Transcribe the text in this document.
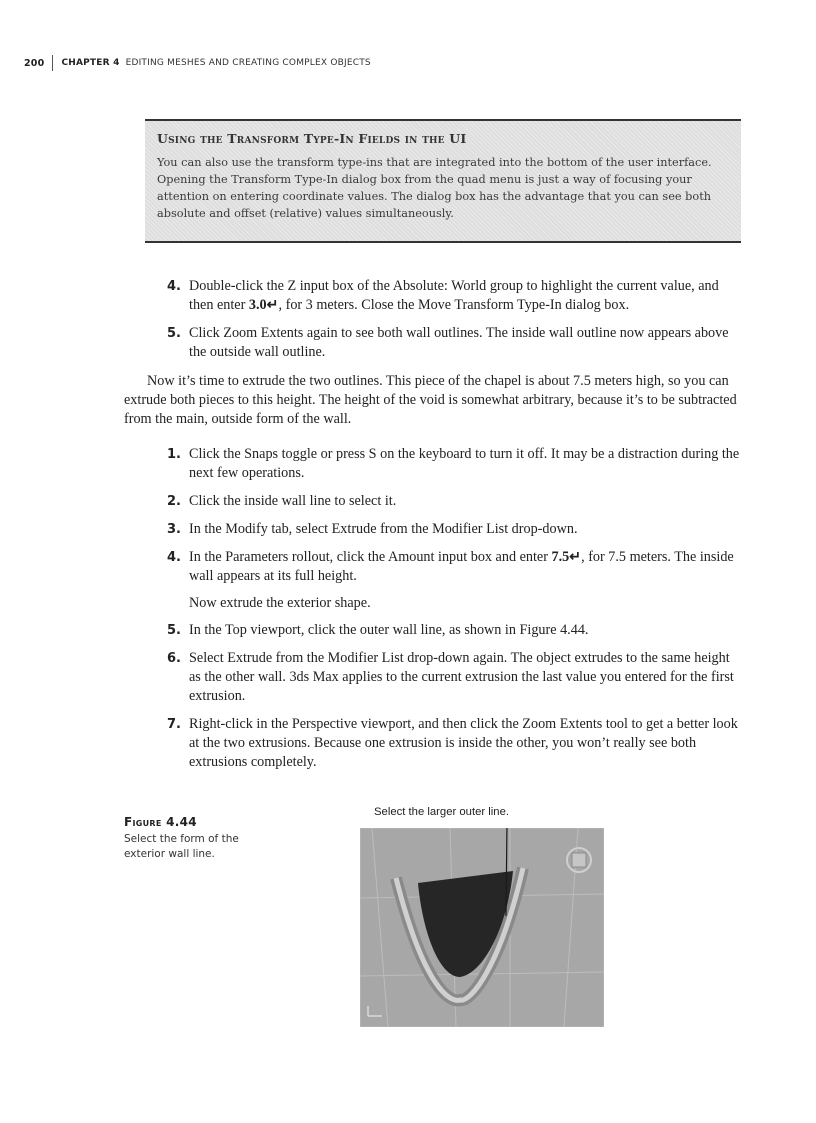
200	CHAPTER 4 EDITING MESHES AND CREATING COMPLEX OBJECTS

Using the Transform Type-In Fields in the UI

You can also use the transform type-ins that are integrated into the bottom of the user interface. Opening the Transform Type-In dialog box from the quad menu is just a way of focusing your attention on entering coordinate values. The dialog box has the advantage that you can see both absolute and offset (relative) values simultaneously.

4. Double-click the Z input box of the Absolute: World group to highlight the current value, and then enter 3.0↵, for 3 meters. Close the Move Transform Type-In dialog box.
5. Click Zoom Extents again to see both wall outlines. The inside wall outline now appears above the outside wall outline.

Now it’s time to extrude the two outlines. This piece of the chapel is about 7.5 meters high, so you can extrude both pieces to this height. The height of the void is somewhat arbitrary, because it’s to be subtracted from the main, outside form of the wall.

1. Click the Snaps toggle or press S on the keyboard to turn it off. It may be a distraction during the next few operations.
2. Click the inside wall line to select it.
3. In the Modify tab, select Extrude from the Modifier List drop-down.
4. In the Parameters rollout, click the Amount input box and enter 7.5↵, for 7.5 meters. The inside wall appears at its full height.
Now extrude the exterior shape.
5. In the Top viewport, click the outer wall line, as shown in Figure 4.44.
6. Select Extrude from the Modifier List drop-down again. The object extrudes to the same height as the other wall. 3ds Max applies to the current extrusion the last value you entered for the first extrusion.
7. Right-click in the Perspective viewport, and then click the Zoom Extents tool to get a better look at the two extrusions. Because one extrusion is inside the other, you won’t really see both extrusions completely.
Figure 4.44
Select the form of the exterior wall line.
Select the larger outer line.
